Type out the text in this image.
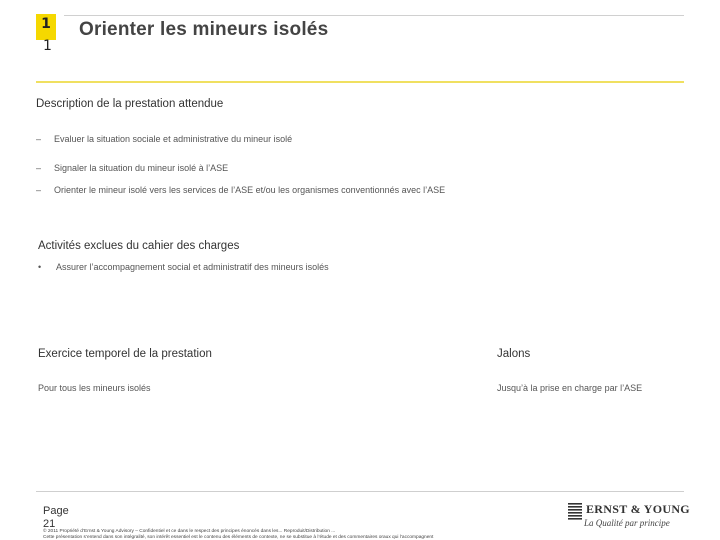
1
1
Orienter les mineurs isolés
Description de la prestation attendue
– Evaluer la situation sociale et administrative du mineur isolé
– Signaler la situation du mineur isolé à l’ASE
– Orienter le mineur isolé vers les services de l’ASE et/ou les organismes conventionnés avec l’ASE
Activités exclues du cahier des charges
• Assurer l’accompagnement social et administratif des mineurs isolés
Exercice temporel de la prestation	Jalons
Pour tous les mineurs isolés	Jusqu’à la prise en charge par l’ASE
Page
21
© 2011 Propriété d’Ernst & Young Advisory – Confidentiel et ce dans le respect des principes énoncés dans les... Reproduit/Distribution ...
Cette présentation s’entend dans son intégralité, son intérêt essentiel est le contenu des éléments de contexte, ne se substitue à l’étude et des commentaires oraux qui l’accompagnent
ERNST & YOUNG
La Qualité par principe
